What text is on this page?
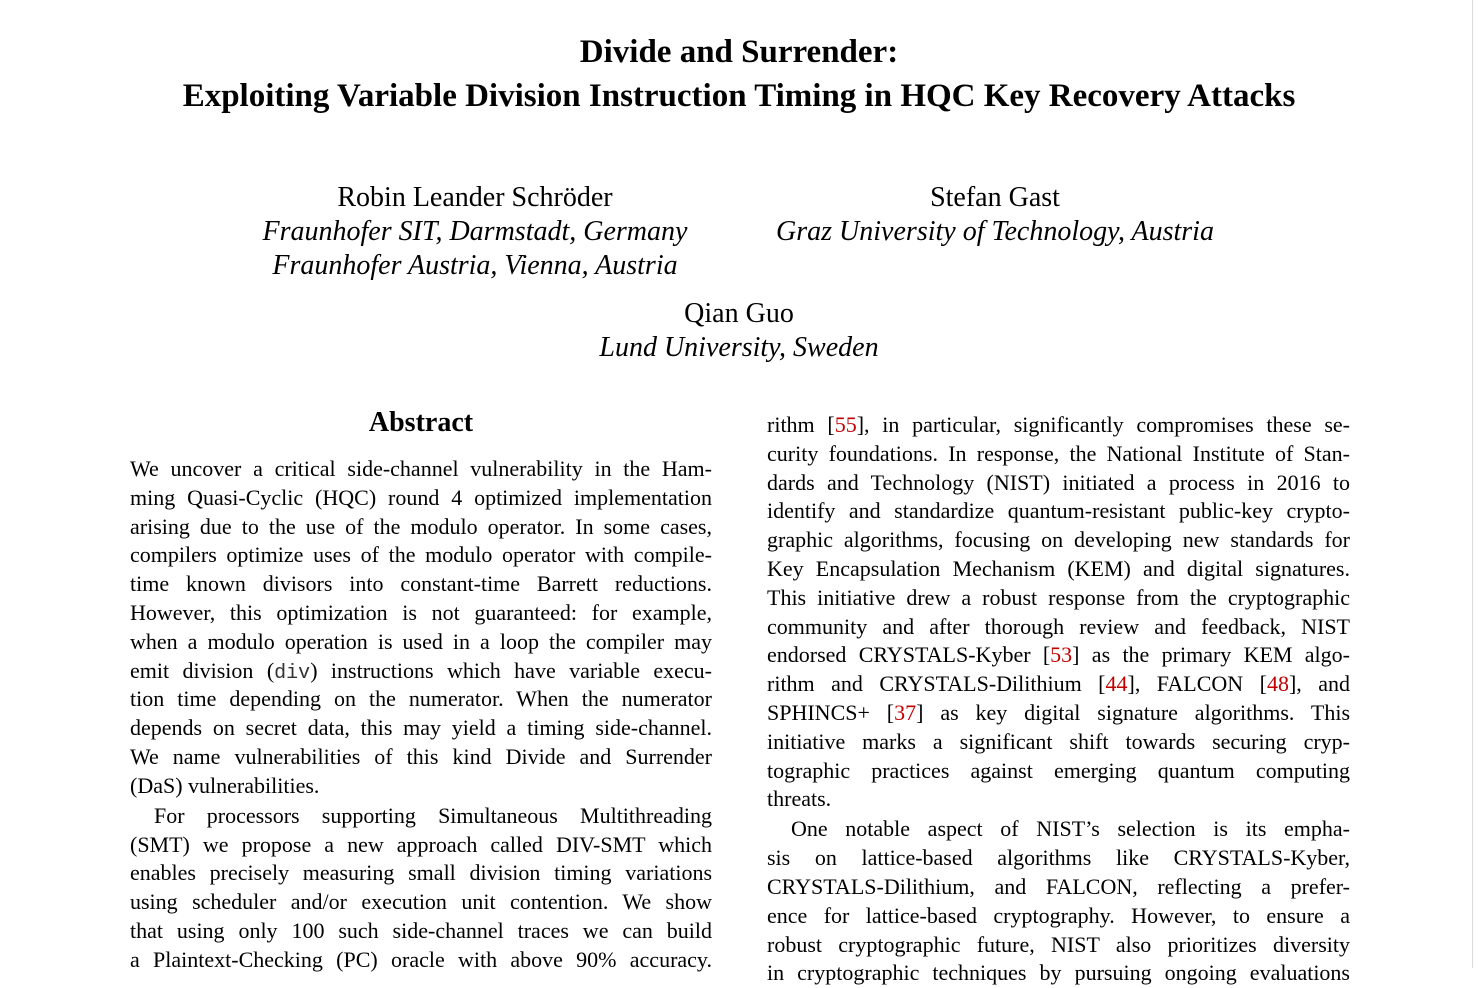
Divide and Surrender:
Exploiting Variable Division Instruction Timing in HQC Key Recovery Attacks
Robin Leander Schröder
Fraunhofer SIT, Darmstadt, Germany
Fraunhofer Austria, Vienna, Austria
Stefan Gast
Graz University of Technology, Austria
Qian Guo
Lund University, Sweden
Abstract
We uncover a critical side-channel vulnerability in the Ham-
ming Quasi-Cyclic (HQC) round 4 optimized implementation
arising due to the use of the modulo operator. In some cases,
compilers optimize uses of the modulo operator with compile-
time known divisors into constant-time Barrett reductions.
However, this optimization is not guaranteed: for example,
when a modulo operation is used in a loop the compiler may
emit division (div) instructions which have variable execu-
tion time depending on the numerator. When the numerator
depends on secret data, this may yield a timing side-channel.
We name vulnerabilities of this kind Divide and Surrender
(DaS) vulnerabilities.
For processors supporting Simultaneous Multithreading
(SMT) we propose a new approach called DIV-SMT which
enables precisely measuring small division timing variations
using scheduler and/or execution unit contention. We show
that using only 100 such side-channel traces we can build
a Plaintext-Checking (PC) oracle with above 90% accuracy.
rithm [55], in particular, significantly compromises these se-
curity foundations. In response, the National Institute of Stan-
dards and Technology (NIST) initiated a process in 2016 to
identify and standardize quantum-resistant public-key crypto-
graphic algorithms, focusing on developing new standards for
Key Encapsulation Mechanism (KEM) and digital signatures.
This initiative drew a robust response from the cryptographic
community and after thorough review and feedback, NIST
endorsed CRYSTALS-Kyber [53] as the primary KEM algo-
rithm and CRYSTALS-Dilithium [44], FALCON [48], and
SPHINCS+ [37] as key digital signature algorithms. This
initiative marks a significant shift towards securing cryp-
tographic practices against emerging quantum computing
threats.
One notable aspect of NIST’s selection is its empha-
sis on lattice-based algorithms like CRYSTALS-Kyber,
CRYSTALS-Dilithium, and FALCON, reflecting a prefer-
ence for lattice-based cryptography. However, to ensure a
robust cryptographic future, NIST also prioritizes diversity
in cryptographic techniques by pursuing ongoing evaluations
